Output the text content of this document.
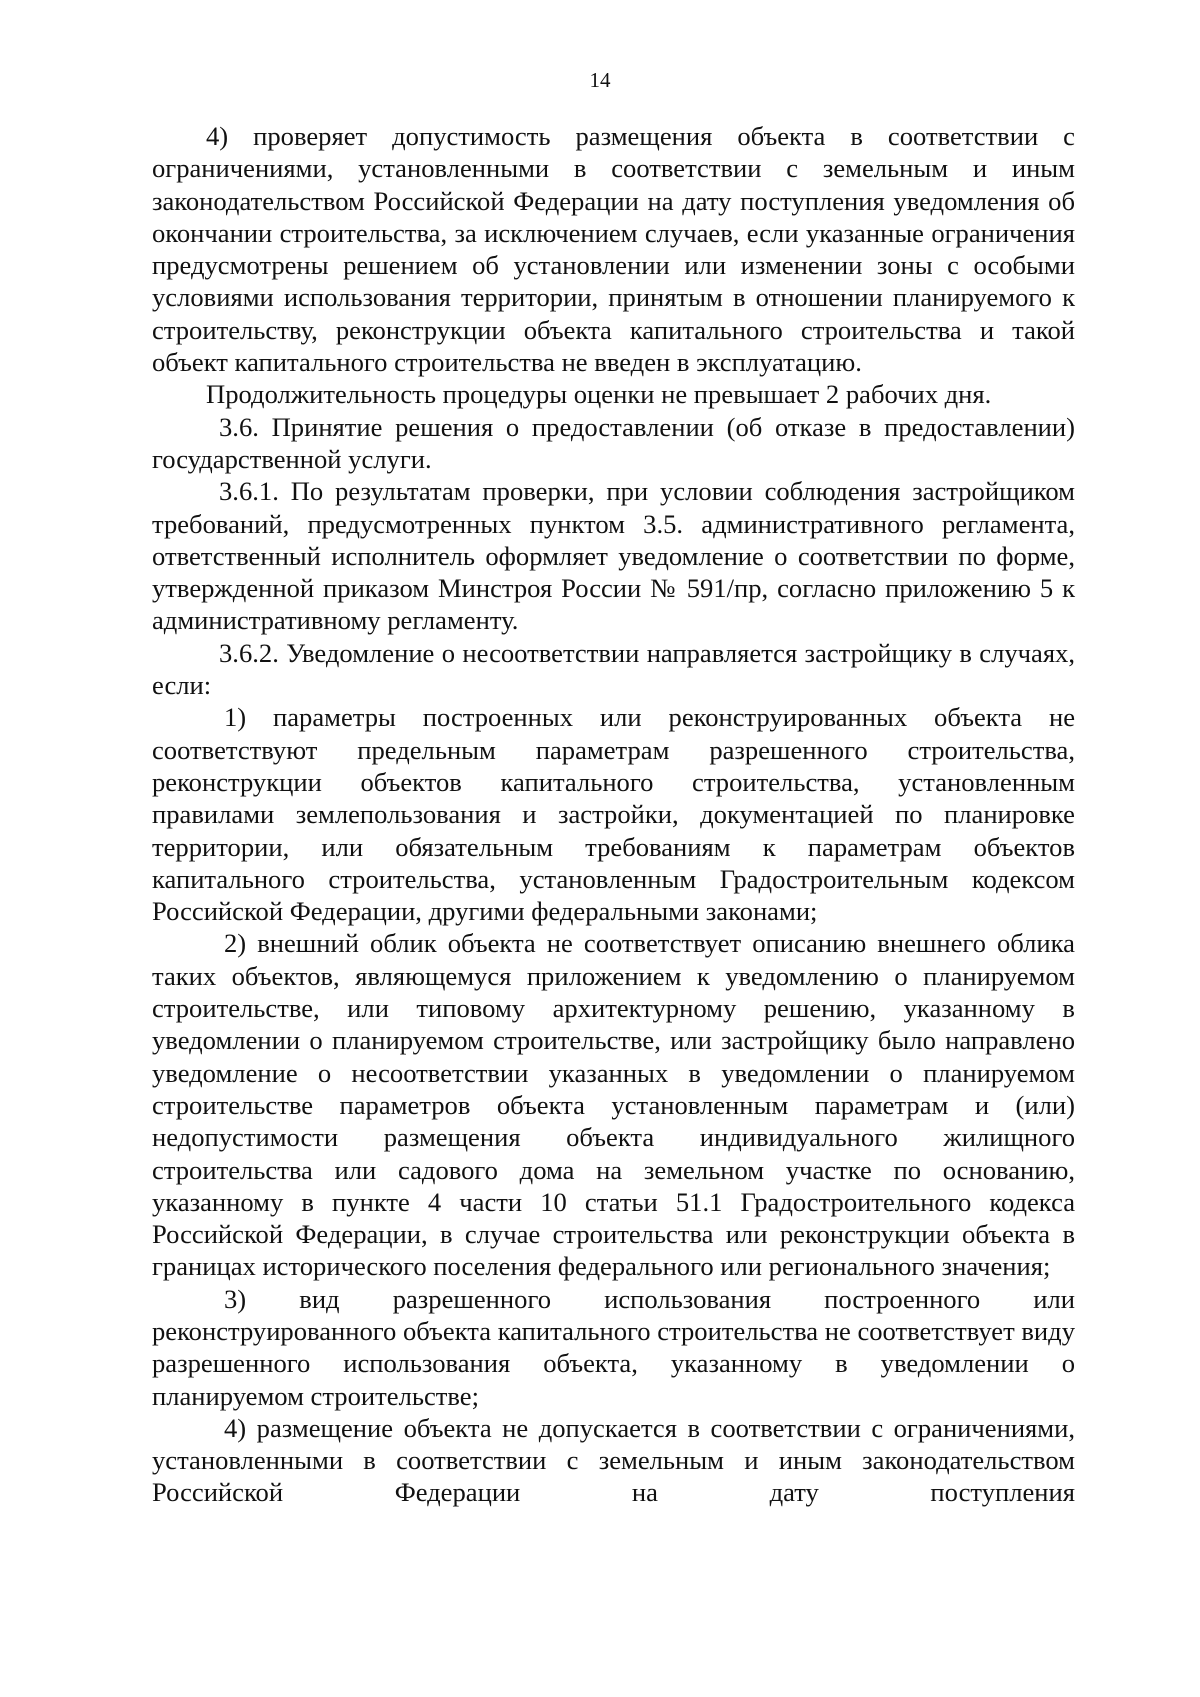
14

4) проверяет допустимость размещения объекта в соответствии с ограничениями, установленными в соответствии с земельным и иным законодательством Российской Федерации на дату поступления уведомления об окончании строительства, за исключением случаев, если указанные ограничения предусмотрены решением об установлении или изменении зоны с особыми условиями использования территории, принятым в отношении планируемого к строительству, реконструкции объекта капитального строительства и такой объект капитального строительства не введен в эксплуатацию.

Продолжительность процедуры оценки не превышает 2 рабочих дня.

3.6. Принятие решения о предоставлении (об отказе в предоставлении) государственной услуги.

3.6.1. По результатам проверки, при условии соблюдения застройщиком требований, предусмотренных пунктом 3.5. административного регламента, ответственный исполнитель оформляет уведомление о соответствии по форме, утвержденной приказом Минстроя России № 591/пр, согласно приложению 5 к административному регламенту.

3.6.2. Уведомление о несоответствии направляется застройщику в случаях, если:

1) параметры построенных или реконструированных объекта не соответствуют предельным параметрам разрешенного строительства, реконструкции объектов капитального строительства, установленным правилами землепользования и застройки, документацией по планировке территории, или обязательным требованиям к параметрам объектов капитального строительства, установленным Градостроительным кодексом Российской Федерации, другими федеральными законами;

2) внешний облик объекта не соответствует описанию внешнего облика таких объектов, являющемуся приложением к уведомлению о планируемом строительстве, или типовому архитектурному решению, указанному в уведомлении о планируемом строительстве, или застройщику было направлено уведомление о несоответствии указанных в уведомлении о планируемом строительстве параметров объекта установленным параметрам и (или) недопустимости размещения объекта индивидуального жилищного строительства или садового дома на земельном участке по основанию, указанному в пункте 4 части 10 статьи 51.1 Градостроительного кодекса Российской Федерации, в случае строительства или реконструкции объекта в границах исторического поселения федерального или регионального значения;

3) вид разрешенного использования построенного или реконструированного объекта капитального строительства не соответствует виду разрешенного использования объекта, указанному в уведомлении о планируемом строительстве;

4) размещение объекта не допускается в соответствии с ограничениями, установленными в соответствии с земельным и иным законодательством Российской Федерации на дату поступления
